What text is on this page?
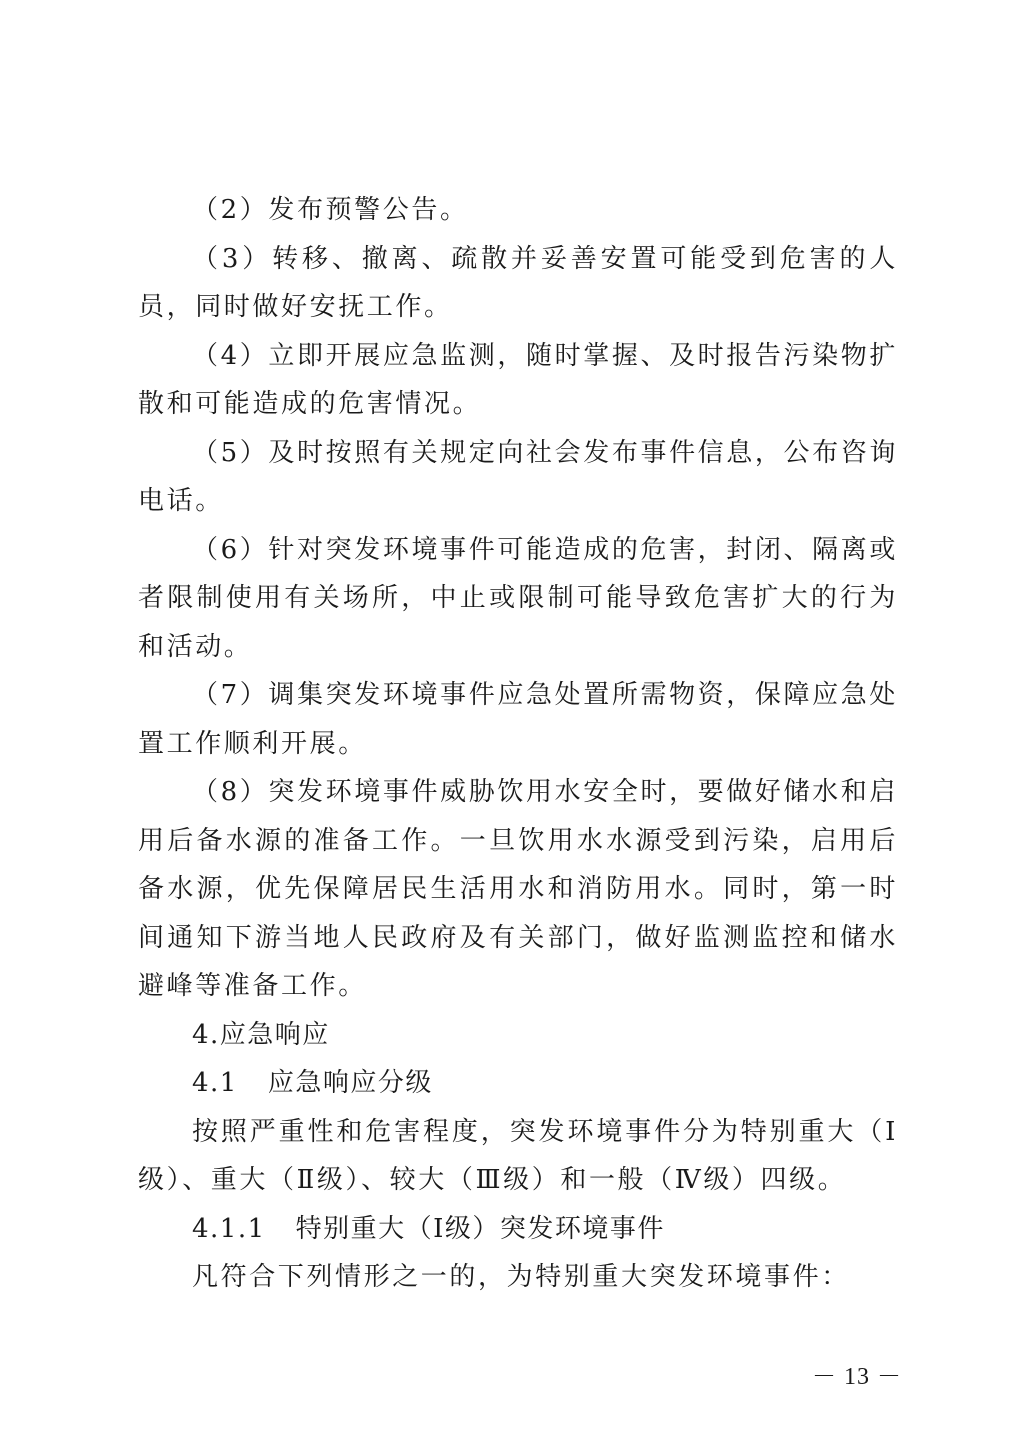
（2）发布预警公告。

（3）转移、撤离、疏散并妥善安置可能受到危害的人员，同时做好安抚工作。

（4）立即开展应急监测，随时掌握、及时报告污染物扩散和可能造成的危害情况。

（5）及时按照有关规定向社会发布事件信息，公布咨询电话。

（6）针对突发环境事件可能造成的危害，封闭、隔离或者限制使用有关场所，中止或限制可能导致危害扩大的行为和活动。

（7）调集突发环境事件应急处置所需物资，保障应急处置工作顺利开展。

（8）突发环境事件威胁饮用水安全时，要做好储水和启用后备水源的准备工作。一旦饮用水水源受到污染，启用后备水源，优先保障居民生活用水和消防用水。同时，第一时间通知下游当地人民政府及有关部门，做好监测监控和储水避峰等准备工作。

4.应急响应

4.1 应急响应分级

按照严重性和危害程度，突发环境事件分为特别重大（Ⅰ级）、重大（Ⅱ级）、较大（Ⅲ级）和一般（Ⅳ级）四级。

4.1.1 特别重大（Ⅰ级）突发环境事件

凡符合下列情形之一的，为特别重大突发环境事件：

－ 13 －
